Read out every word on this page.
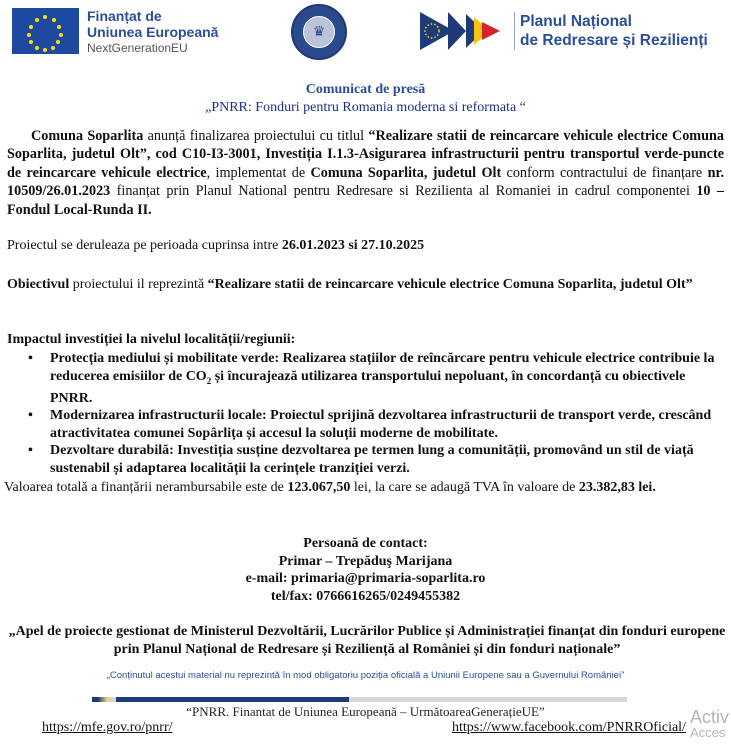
Finanțat de
Uniunea Europeană
NextGenerationEU
♛
Planul Național
de Redresare și Rezilienți
Comunicat de presă
„PNRR: Fonduri pentru Romania moderna si reformata “
Comuna Soparlita anunță finalizarea proiectului cu titlul “Realizare statii de reincarcare vehicule electrice Comuna Soparlita, judetul Olt”, cod C10-I3-3001, Investiția I.1.3-Asigurarea infrastructurii pentru transportul verde-puncte de reincarcare vehicule electrice, implementat de Comuna Soparlita, judetul Olt conform contractului de finanțare nr. 10509/26.01.2023 finanțat prin Planul National pentru Redresare si Rezilienta al Romaniei in cadrul componentei 10 – Fondul Local-Runda II.
Proiectul se deruleaza pe perioada cuprinsa intre 26.01.2023 si 27.10.2025
Obiectivul proiectului il reprezintă “Realizare statii de reincarcare vehicule electrice Comuna Soparlita, judetul Olt”
Impactul investiției la nivelul localității/regiunii:
• Protecția mediului și mobilitate verde: Realizarea stațiilor de reîncărcare pentru vehicule electrice contribuie la reducerea emisiilor de $CO_2$ și încurajează utilizarea transportului nepoluant, în concordanță cu obiectivele PNRR.
• Modernizarea infrastructurii locale: Proiectul sprijină dezvoltarea infrastructurii de transport verde, crescând atractivitatea comunei Sopârlița și accesul la soluții moderne de mobilitate.
• Dezvoltare durabilă: Investiția susține dezvoltarea pe termen lung a comunității, promovând un stil de viață sustenabil și adaptarea localității la cerințele tranziției verzi.
Valoarea totală a finanțării nerambursabile este de 123.067,50 lei, la care se adaugă TVA în valoare de 23.382,83 lei.
Persoană de contact:
Primar – Trepăduş Marijana
e-mail: primaria@primaria-soparlita.ro
tel/fax: 0766616265/0249455382
„Apel de proiecte gestionat de Ministerul Dezvoltării, Lucrărilor Publice și Administrației finanțat din fonduri europene prin Planul Național de Redresare și Reziliență al României și din fonduri naționale”
„Conținutul acestui material nu reprezintă în mod obligatoriu poziția oficială a Uniunii Europene sau a Guvernului României”
“PNRR. Finantat de Uniunea Europeană – UrmătoareaGenerațieUE”
https://mfe.gov.ro/pnrr/	https://www.facebook.com/PNRROficial/
Activ
Acces
